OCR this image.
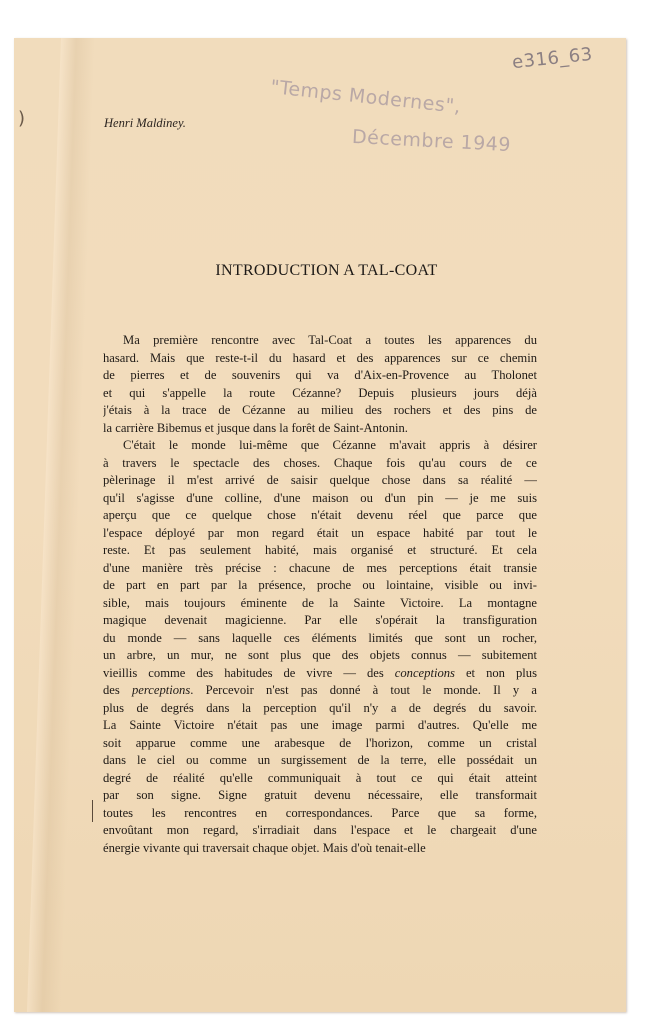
)
e316_63
"Temps Modernes",
Décembre 1949
Henri Maldiney.
INTRODUCTION A TAL-COAT
Ma première rencontre avec Tal-Coat a toutes les apparences du
hasard. Mais que reste-t-il du hasard et des apparences sur ce chemin
de pierres et de souvenirs qui va d'Aix-en-Provence au Tholonet
et qui s'appelle la route Cézanne? Depuis plusieurs jours déjà
j'étais à la trace de Cézanne au milieu des rochers et des pins de
la carrière Bibemus et jusque dans la forêt de Saint-Antonin.
C'était le monde lui-même que Cézanne m'avait appris à désirer
à travers le spectacle des choses. Chaque fois qu'au cours de ce
pèlerinage il m'est arrivé de saisir quelque chose dans sa réalité —
qu'il s'agisse d'une colline, d'une maison ou d'un pin — je me suis
aperçu que ce quelque chose n'était devenu réel que parce que
l'espace déployé par mon regard était un espace habité par tout le
reste. Et pas seulement habité, mais organisé et structuré. Et cela
d'une manière très précise : chacune de mes perceptions était transie
de part en part par la présence, proche ou lointaine, visible ou invi-
sible, mais toujours éminente de la Sainte Victoire. La montagne
magique devenait magicienne. Par elle s'opérait la transfiguration
du monde — sans laquelle ces éléments limités que sont un rocher,
un arbre, un mur, ne sont plus que des objets connus — subitement
vieillis comme des habitudes de vivre — des conceptions et non plus
des perceptions. Percevoir n'est pas donné à tout le monde. Il y a
plus de degrés dans la perception qu'il n'y a de degrés du savoir.
La Sainte Victoire n'était pas une image parmi d'autres. Qu'elle me
soit apparue comme une arabesque de l'horizon, comme un cristal
dans le ciel ou comme un surgissement de la terre, elle possédait un
degré de réalité qu'elle communiquait à tout ce qui était atteint
par son signe. Signe gratuit devenu nécessaire, elle transformait
toutes les rencontres en correspondances. Parce que sa forme,
envoûtant mon regard, s'irradiait dans l'espace et le chargeait d'une
énergie vivante qui traversait chaque objet. Mais d'où tenait-elle
